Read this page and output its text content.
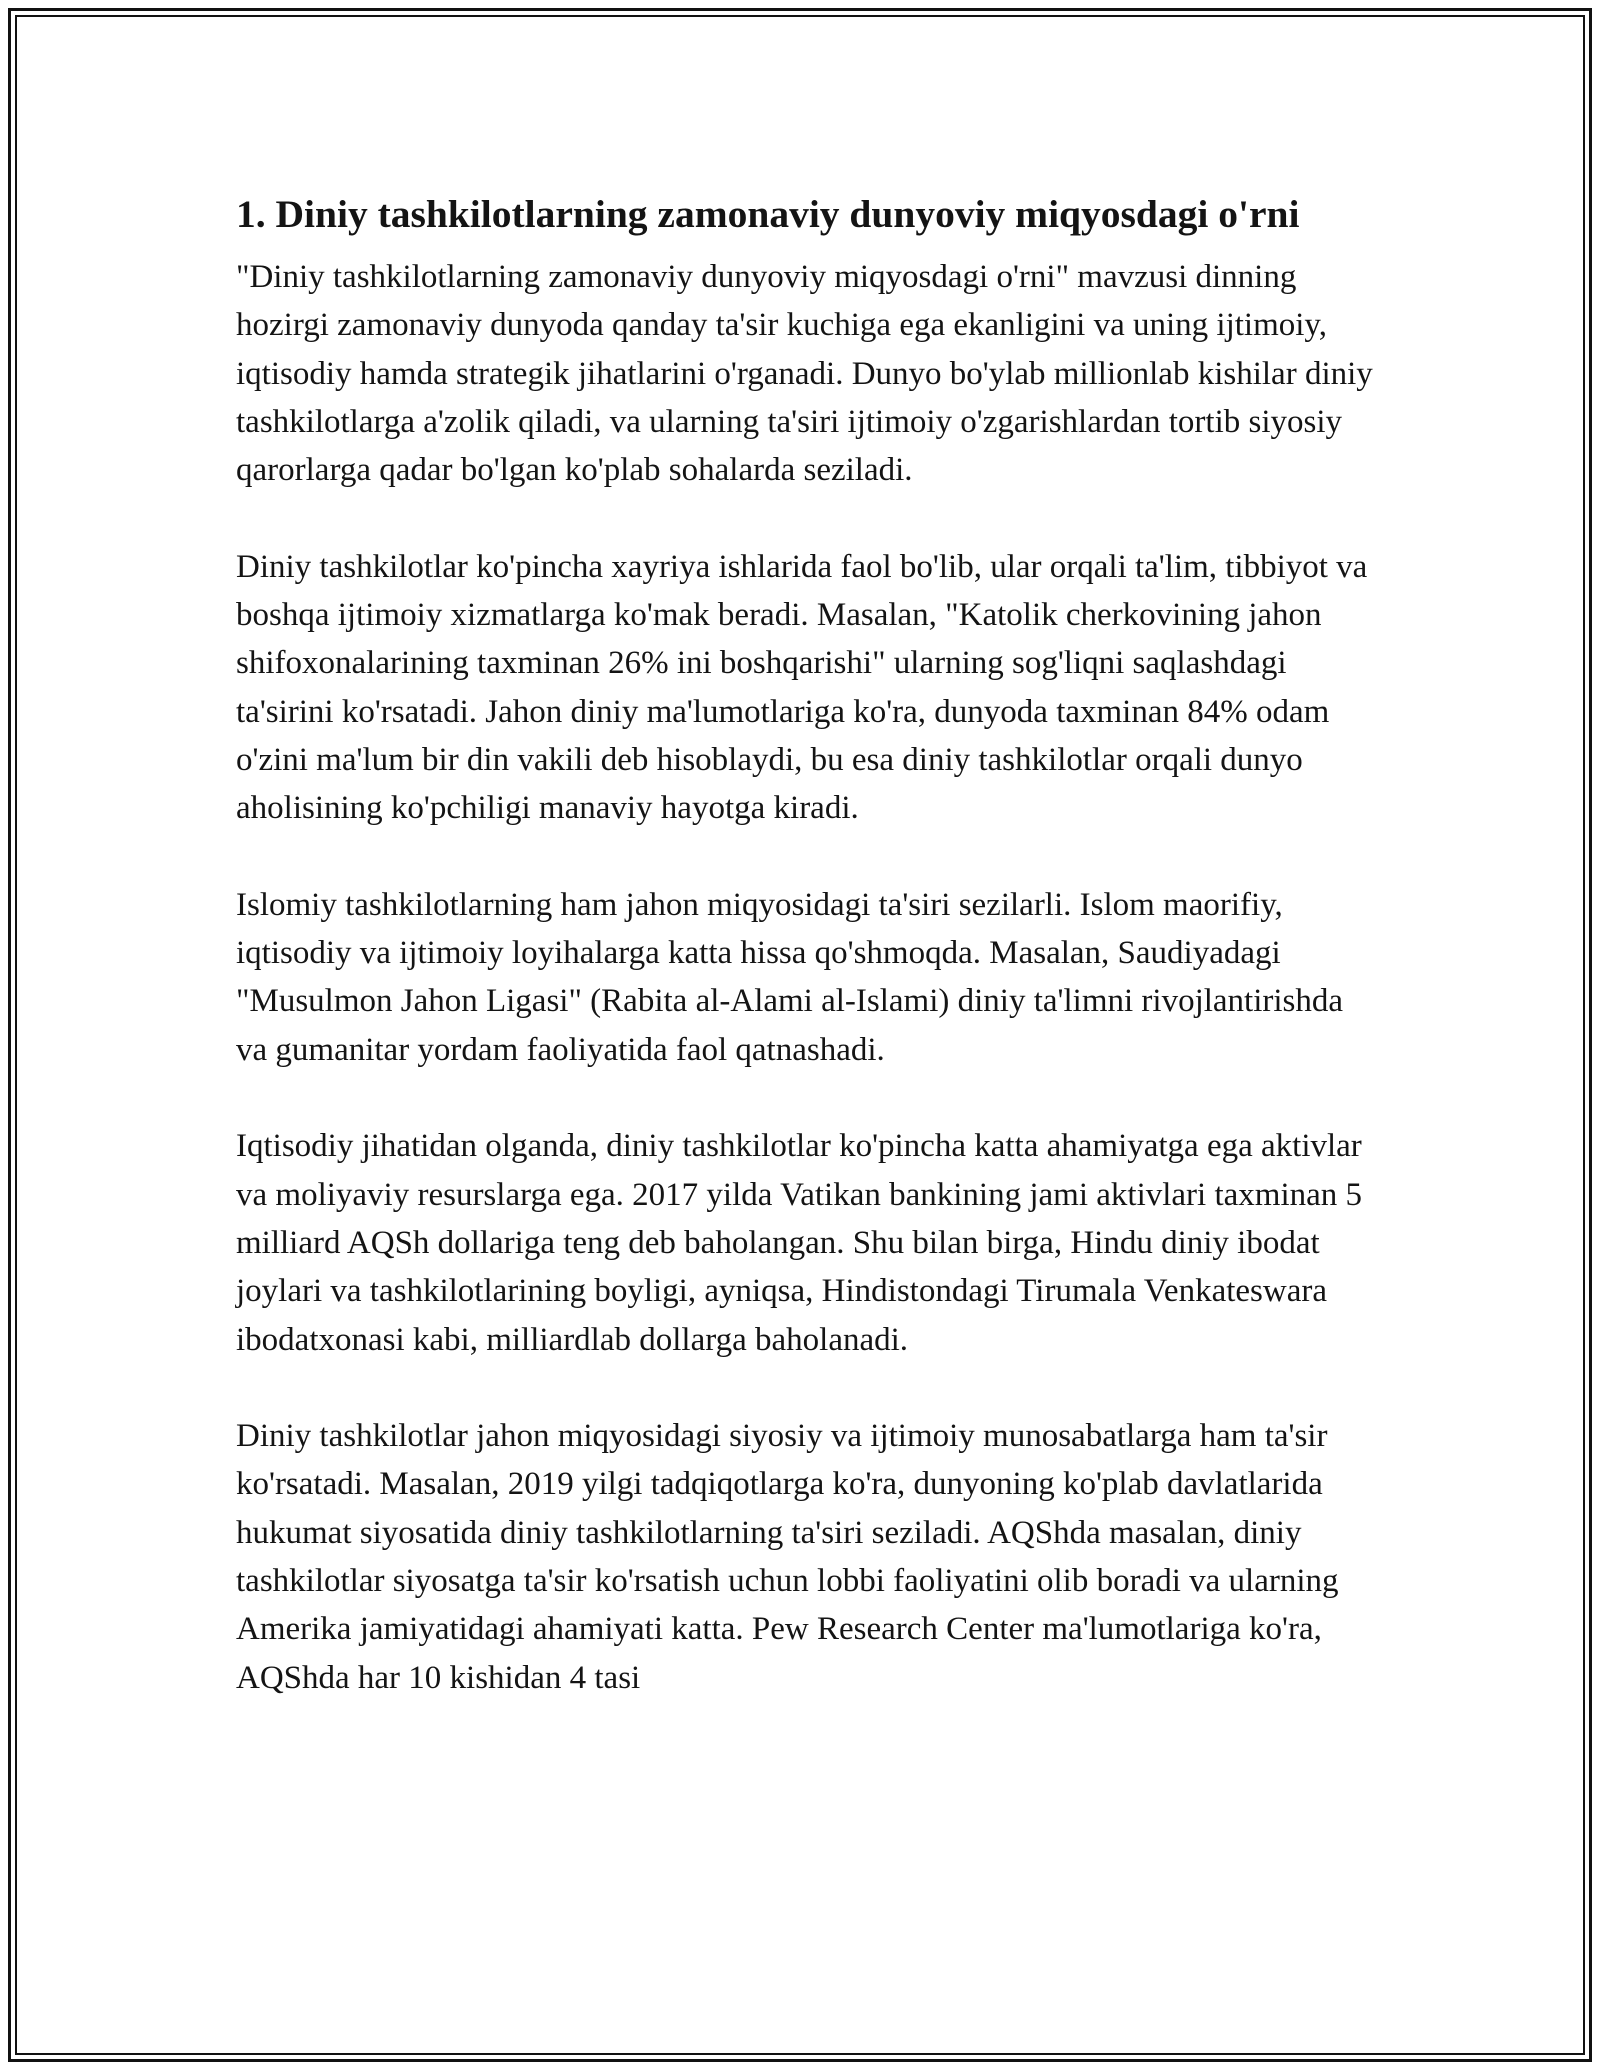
1. Diniy tashkilotlarning zamonaviy dunyoviy miqyosdagi o'rni

"Diniy tashkilotlarning zamonaviy dunyoviy miqyosdagi o'rni" mavzusi dinning hozirgi zamonaviy dunyoda qanday ta'sir kuchiga ega ekanligini va uning ijtimoiy, iqtisodiy hamda strategik jihatlarini o'rganadi. Dunyo bo'ylab millionlab kishilar diniy tashkilotlarga a'zolik qiladi, va ularning ta'siri ijtimoiy o'zgarishlardan tortib siyosiy qarorlarga qadar bo'lgan ko'plab sohalarda seziladi.

Diniy tashkilotlar ko'pincha xayriya ishlarida faol bo'lib, ular orqali ta'lim, tibbiyot va boshqa ijtimoiy xizmatlarga ko'mak beradi. Masalan, "Katolik cherkovining jahon shifoxonalarining taxminan 26% ini boshqarishi" ularning sog'liqni saqlashdagi ta'sirini ko'rsatadi. Jahon diniy ma'lumotlariga ko'ra, dunyoda taxminan 84% odam o'zini ma'lum bir din vakili deb hisoblaydi, bu esa diniy tashkilotlar orqali dunyo aholisining ko'pchiligi manaviy hayotga kiradi.

Islomiy tashkilotlarning ham jahon miqyosidagi ta'siri sezilarli. Islom maorifiy, iqtisodiy va ijtimoiy loyihalarga katta hissa qo'shmoqda. Masalan, Saudiyadagi "Musulmon Jahon Ligasi" (Rabita al-Alami al-Islami) diniy ta'limni rivojlantirishda va gumanitar yordam faoliyatida faol qatnashadi.

Iqtisodiy jihatidan olganda, diniy tashkilotlar ko'pincha katta ahamiyatga ega aktivlar va moliyaviy resurslarga ega. 2017 yilda Vatikan bankining jami aktivlari taxminan 5 milliard AQSh dollariga teng deb baholangan. Shu bilan birga, Hindu diniy ibodat joylari va tashkilotlarining boyligi, ayniqsa, Hindistondagi Tirumala Venkateswara ibodatxonasi kabi, milliardlab dollarga baholanadi.

Diniy tashkilotlar jahon miqyosidagi siyosiy va ijtimoiy munosabatlarga ham ta'sir ko'rsatadi. Masalan, 2019 yilgi tadqiqotlarga ko'ra, dunyoning ko'plab davlatlarida hukumat siyosatida diniy tashkilotlarning ta'siri seziladi. AQShda masalan, diniy tashkilotlar siyosatga ta'sir ko'rsatish uchun lobbi faoliyatini olib boradi va ularning Amerika jamiyatidagi ahamiyati katta. Pew Research Center ma'lumotlariga ko'ra, AQShda har 10 kishidan 4 tasi
